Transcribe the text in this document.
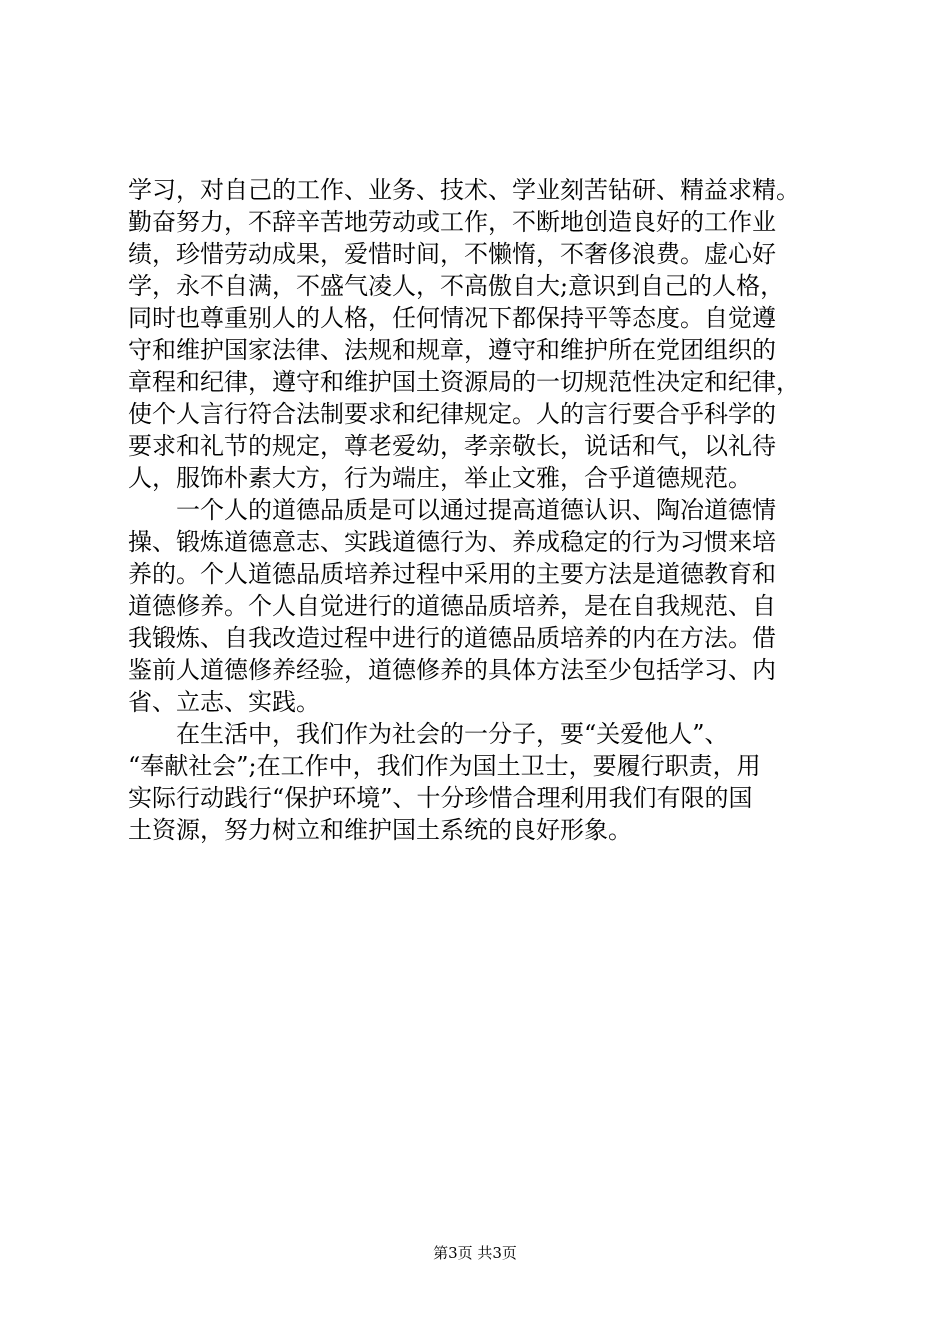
学习，对自己的工作、业务、技术、学业刻苦钻研、精益求精。
勤奋努力，不辞辛苦地劳动或工作，不断地创造良好的工作业
绩，珍惜劳动成果，爱惜时间，不懒惰，不奢侈浪费。虚心好
学，永不自满，不盛气凌人，不高傲自大;意识到自己的人格，
同时也尊重别人的人格，任何情况下都保持平等态度。自觉遵
守和维护国家法律、法规和规章，遵守和维护所在党团组织的
章程和纪律，遵守和维护国土资源局的一切规范性决定和纪律，
使个人言行符合法制要求和纪律规定。人的言行要合乎科学的
要求和礼节的规定，尊老爱幼，孝亲敬长，说话和气，以礼待
人，服饰朴素大方，行为端庄，举止文雅，合乎道德规范。
　　一个人的道德品质是可以通过提高道德认识、陶冶道德情
操、锻炼道德意志、实践道德行为、养成稳定的行为习惯来培
养的。个人道德品质培养过程中采用的主要方法是道德教育和
道德修养。个人自觉进行的道德品质培养，是在自我规范、自
我锻炼、自我改造过程中进行的道德品质培养的内在方法。借
鉴前人道德修养经验，道德修养的具体方法至少包括学习、内
省、立志、实践。
　　在生活中，我们作为社会的一分子，要“关爱他人”、
“奉献社会”;在工作中，我们作为国土卫士，要履行职责，用
实际行动践行“保护环境”、十分珍惜合理利用我们有限的国
土资源，努力树立和维护国土系统的良好形象。
第3页 共3页
